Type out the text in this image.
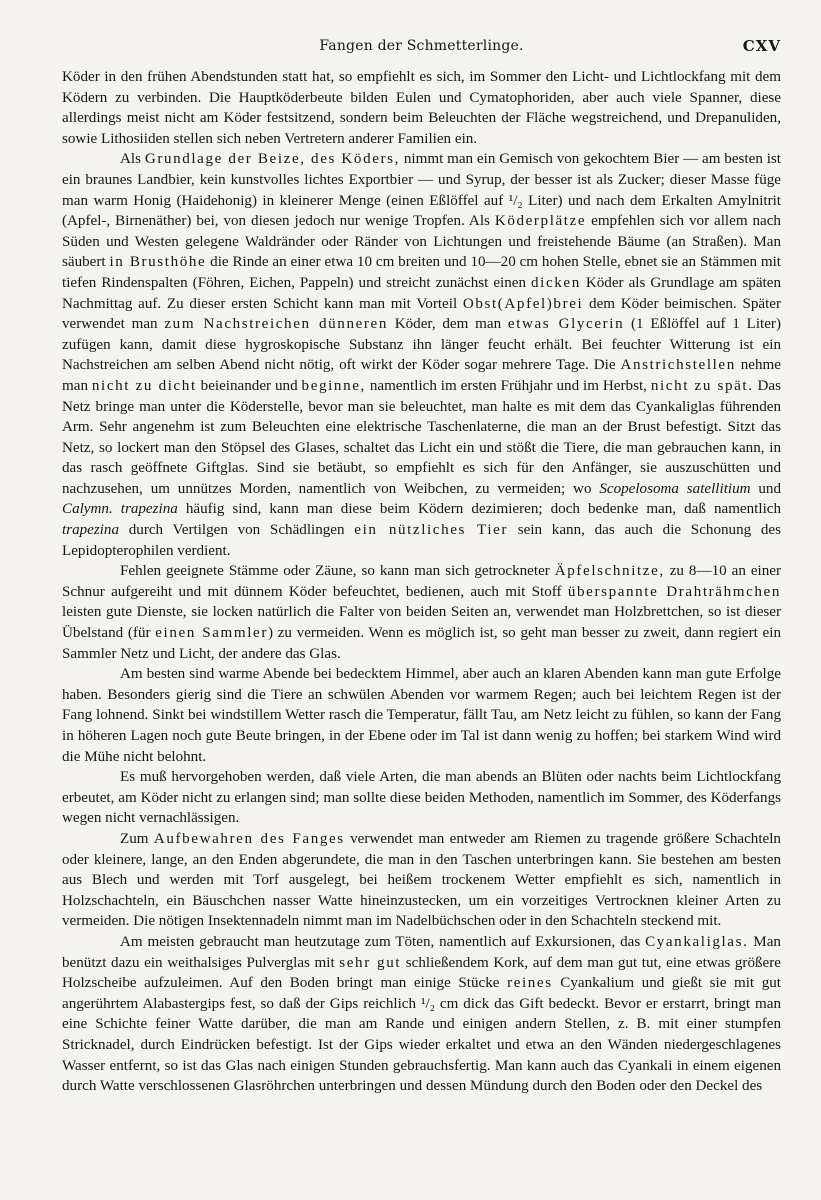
Fangen der Schmetterlinge.	CXV

Köder in den frühen Abendstunden statt hat, so empfiehlt es sich, im Sommer den Licht- und Lichtlockfang mit dem Ködern zu verbinden. Die Hauptköderbeute bilden Eulen und Cymatophoriden, aber auch viele Spanner, diese allerdings meist nicht am Köder festsitzend, sondern beim Beleuchten der Fläche wegstreichend, und Drepanuliden, sowie Lithosiiden stellen sich neben Vertretern anderer Familien ein.

Als Grundlage der Beize, des Köders, nimmt man ein Gemisch von gekochtem Bier — am besten ist ein braunes Landbier, kein kunstvolles lichtes Exportbier — und Syrup, der besser ist als Zucker; dieser Masse füge man warm Honig (Haidehonig) in kleinerer Menge (einen Eßlöffel auf ¹/₂ Liter) und nach dem Erkalten Amylnitrit (Apfel-, Birnenäther) bei, von diesen jedoch nur wenige Tropfen. Als Köderplätze empfehlen sich vor allem nach Süden und Westen gelegene Waldränder oder Ränder von Lichtungen und freistehende Bäume (an Straßen). Man säubert in Brusthöhe die Rinde an einer etwa 10 cm breiten und 10—20 cm hohen Stelle, ebnet sie an Stämmen mit tiefen Rindenspalten (Föhren, Eichen, Pappeln) und streicht zunächst einen dicken Köder als Grundlage am späten Nachmittag auf. Zu dieser ersten Schicht kann man mit Vorteil Obst(Apfel)brei dem Köder beimischen. Später verwendet man zum Nachstreichen dünneren Köder, dem man etwas Glycerin (1 Eßlöffel auf 1 Liter) zufügen kann, damit diese hygroskopische Substanz ihn länger feucht erhält. Bei feuchter Witterung ist ein Nachstreichen am selben Abend nicht nötig, oft wirkt der Köder sogar mehrere Tage. Die Anstrichstellen nehme man nicht zu dicht beieinander und beginne, namentlich im ersten Frühjahr und im Herbst, nicht zu spät. Das Netz bringe man unter die Köderstelle, bevor man sie beleuchtet, man halte es mit dem das Cyankaliglas führenden Arm. Sehr angenehm ist zum Beleuchten eine elektrische Taschenlaterne, die man an der Brust befestigt. Sitzt das Netz, so lockert man den Stöpsel des Glases, schaltet das Licht ein und stößt die Tiere, die man gebrauchen kann, in das rasch geöffnete Giftglas. Sind sie betäubt, so empfiehlt es sich für den Anfänger, sie auszuschütten und nachzusehen, um unnützes Morden, namentlich von Weibchen, zu vermeiden; wo Scopelosoma satellitium und Calymn. trapezina häufig sind, kann man diese beim Ködern dezimieren; doch bedenke man, daß namentlich trapezina durch Vertilgen von Schädlingen ein nützliches Tier sein kann, das auch die Schonung des Lepidopterophilen verdient.

Fehlen geeignete Stämme oder Zäune, so kann man sich getrockneter Äpfelschnitze, zu 8—10 an einer Schnur aufgereiht und mit dünnem Köder befeuchtet, bedienen, auch mit Stoff überspannte Drahträhmchen leisten gute Dienste, sie locken natürlich die Falter von beiden Seiten an, verwendet man Holzbrettchen, so ist dieser Übelstand (für einen Sammler) zu vermeiden. Wenn es möglich ist, so geht man besser zu zweit, dann regiert ein Sammler Netz und Licht, der andere das Glas.

Am besten sind warme Abende bei bedecktem Himmel, aber auch an klaren Abenden kann man gute Erfolge haben. Besonders gierig sind die Tiere an schwülen Abenden vor warmem Regen; auch bei leichtem Regen ist der Fang lohnend. Sinkt bei windstillem Wetter rasch die Temperatur, fällt Tau, am Netz leicht zu fühlen, so kann der Fang in höheren Lagen noch gute Beute bringen, in der Ebene oder im Tal ist dann wenig zu hoffen; bei starkem Wind wird die Mühe nicht belohnt.

Es muß hervorgehoben werden, daß viele Arten, die man abends an Blüten oder nachts beim Lichtlockfang erbeutet, am Köder nicht zu erlangen sind; man sollte diese beiden Methoden, namentlich im Sommer, des Köderfangs wegen nicht vernachlässigen.

Zum Aufbewahren des Fanges verwendet man entweder am Riemen zu tragende größere Schachteln oder kleinere, lange, an den Enden abgerundete, die man in den Taschen unterbringen kann. Sie bestehen am besten aus Blech und werden mit Torf ausgelegt, bei heißem trockenem Wetter empfiehlt es sich, namentlich in Holzschachteln, ein Bäuschchen nasser Watte hineinzustecken, um ein vorzeitiges Vertrocknen kleiner Arten zu vermeiden. Die nötigen Insektennadeln nimmt man im Nadelbüchschen oder in den Schachteln steckend mit.

Am meisten gebraucht man heutzutage zum Töten, namentlich auf Exkursionen, das Cyankaliglas. Man benützt dazu ein weithalsiges Pulverglas mit sehr gut schließendem Kork, auf dem man gut tut, eine etwas größere Holzscheibe aufzuleimen. Auf den Boden bringt man einige Stücke reines Cyankalium und gießt sie mit gut angerührtem Alabastergips fest, so daß der Gips reichlich ¹/₂ cm dick das Gift bedeckt. Bevor er erstarrt, bringt man eine Schichte feiner Watte darüber, die man am Rande und einigen andern Stellen, z. B. mit einer stumpfen Stricknadel, durch Eindrücken befestigt. Ist der Gips wieder erkaltet und etwa an den Wänden niedergeschlagenes Wasser entfernt, so ist das Glas nach einigen Stunden gebrauchsfertig. Man kann auch das Cyankali in einem eigenen durch Watte verschlossenen Glasröhrchen unterbringen und dessen Mündung durch den Boden oder den Deckel des
